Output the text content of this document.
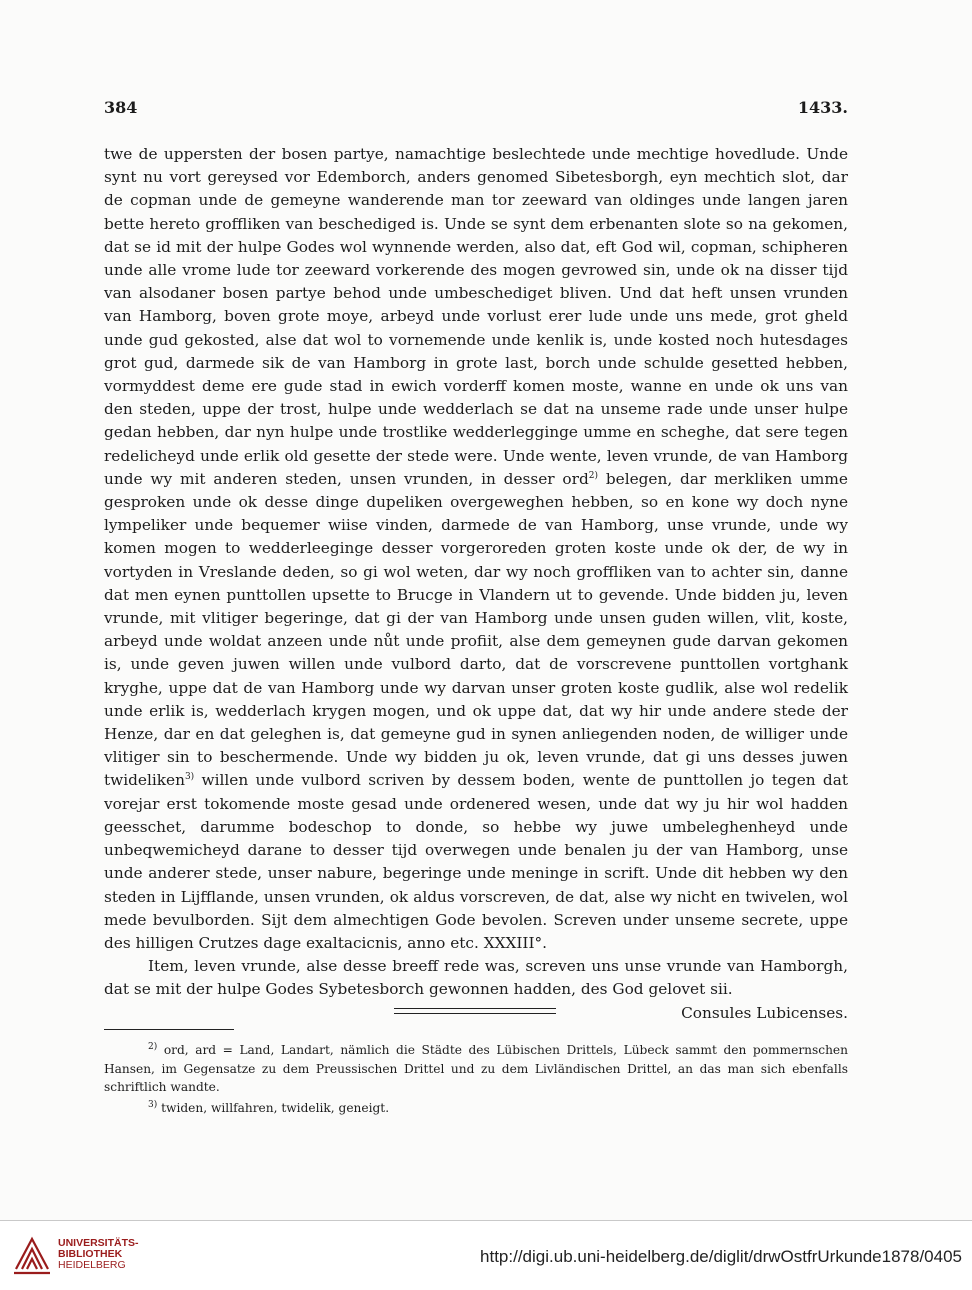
384	1433.

twe de uppersten der bosen partye, namachtige beslechtede unde mechtige hovedlude. Unde synt nu vort gereysed vor Edemborch, anders genomed Sibetesborgh, eyn mechtich slot, dar de copman unde de gemeyne wanderende man tor zeeward van oldinges unde langen jaren bette hereto groffliken van beschediged is. Unde se synt dem erbenanten slote so na gekomen, dat se id mit der hulpe Godes wol wynnende werden, also dat, eft God wil, copman, schipheren unde alle vrome lude tor zeeward vorkerende des mogen gevrowed sin, unde ok na disser tijd van alsodaner bosen partye behod unde umbeschediget bliven. Und dat heft unsen vrunden van Hamborg, boven grote moye, arbeyd unde vorlust erer lude unde uns mede, grot gheld unde gud gekosted, alse dat wol to vornemende unde kenlik is, unde kosted noch hutesdages grot gud, darmede sik de van Hamborg in grote last, borch unde schulde gesetted hebben, vormyddest deme ere gude stad in ewich vorderff komen moste, wanne en unde ok uns van den steden, uppe der trost, hulpe unde wedderlach se dat na unseme rade unde unser hulpe gedan hebben, dar nyn hulpe unde trostlike wedderlegginge umme en scheghe, dat sere tegen redelicheyd unde erlik old gesette der stede were. Unde wente, leven vrunde, de van Hamborg unde wy mit anderen steden, unsen vrunden, in desser ord$^{2)}$ belegen, dar merkliken umme gesproken unde ok desse dinge dupeliken overgeweghen hebben, so en kone wy doch nyne lympeliker unde bequemer wiise vinden, darmede de van Hamborg, unse vrunde, unde wy komen mogen to wedderleeginge desser vorgeroreden groten koste unde ok der, de wy in vortyden in Vreslande deden, so gi wol weten, dar wy noch groffliken van to achter sin, danne dat men eynen punttollen upsette to Brucge in Vlandern ut to gevende. Unde bidden ju, leven vrunde, mit vlitiger begeringe, dat gi der van Hamborg unde unsen guden willen, vlit, koste, arbeyd unde woldat anzeen unde nůt unde profiit, alse dem gemeynen gude darvan gekomen is, unde geven juwen willen unde vulbord darto, dat de vorscrevene punttollen vortghank kryghe, uppe dat de van Hamborg unde wy darvan unser groten koste gudlik, alse wol redelik unde erlik is, wedderlach krygen mogen, und ok uppe dat, dat wy hir unde andere stede der Henze, dar en dat geleghen is, dat gemeyne gud in synen anliegenden noden, de williger unde vlitiger sin to beschermende. Unde wy bidden ju ok, leven vrunde, dat gi uns desses juwen twideliken$^{3)}$ willen unde vulbord scriven by dessem boden, wente de punttollen jo tegen dat vorejar erst tokomende moste gesad unde ordenered wesen, unde dat wy ju hir wol hadden geesschet, darumme bodeschop to donde, so hebbe wy juwe umbeleghenheyd unde unbeqwemicheyd darane to desser tijd overwegen unde benalen ju der van Hamborg, unse unde anderer stede, unser nabure, begeringe unde meninge in scrift. Unde dit hebben wy den steden in Lijfflande, unsen vrunden, ok aldus vorscreven, de dat, alse wy nicht en twivelen, wol mede bevulborden. Sijt dem almechtigen Gode bevolen. Screven under unseme secrete, uppe des hilligen Crutzes dage exaltacicnis, anno etc. XXXIII°.

Item, leven vrunde, alse desse breeff rede was, screven uns unse vrunde van Hamborgh, dat se mit der hulpe Godes Sybetesborch gewonnen hadden, des God gelovet sii.

Consules Lubicenses.

$^{2)}$ ord, ard = Land, Landart, nämlich die Städte des Lübischen Drittels, Lübeck sammt den pommernschen Hansen, im Gegensatze zu dem Preussischen Drittel und zu dem Livländischen Drittel, an das man sich ebenfalls schriftlich wandte.

$^{3)}$ twiden, willfahren, twidelik, geneigt.

UNIVERSITÄTS-
BIBLIOTHEK
HEIDELBERG	http://digi.ub.uni-heidelberg.de/diglit/drwOstfrUrkunde1878/0405
